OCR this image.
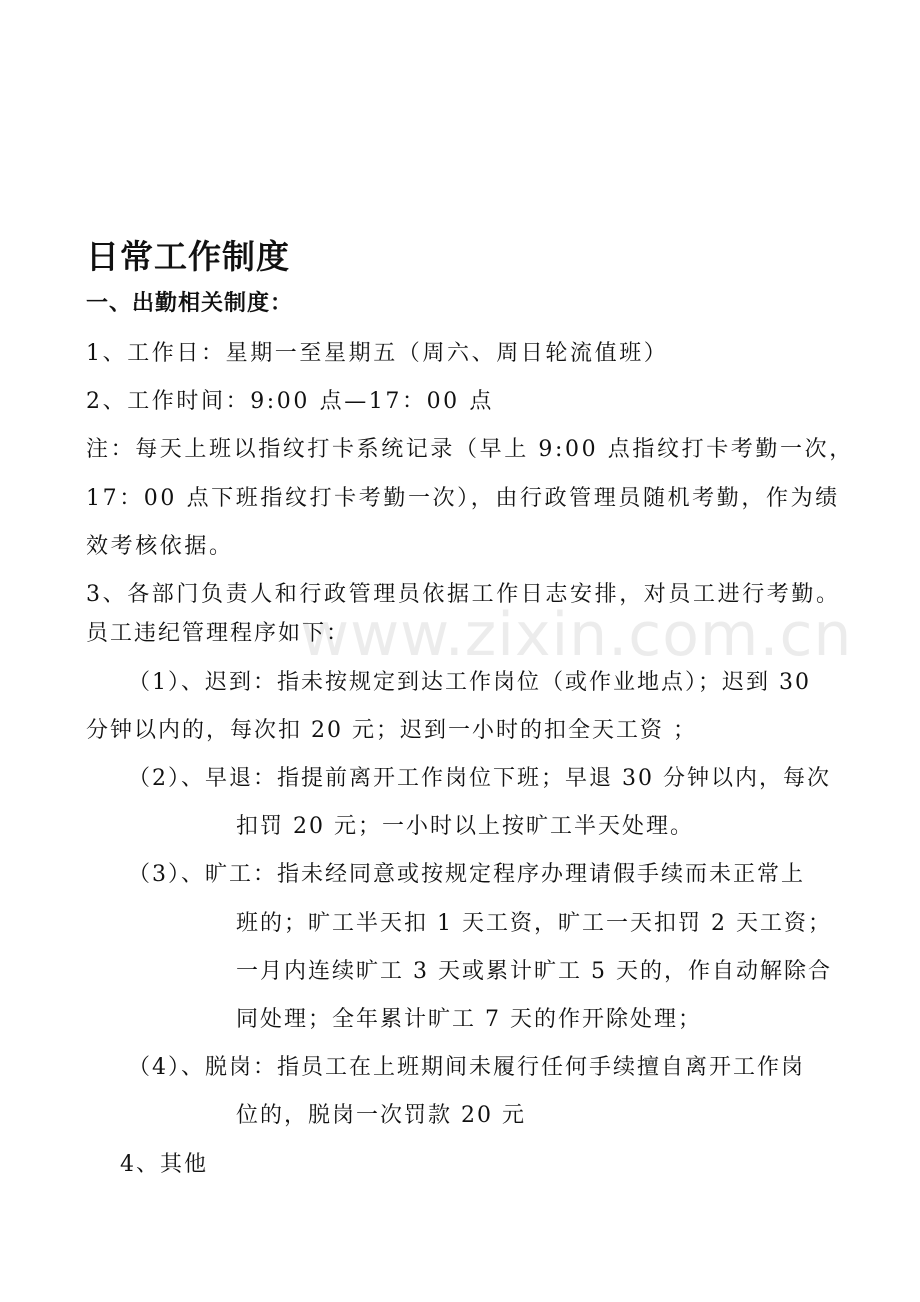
www.zixin.com.cn
日常工作制度
一、出勤相关制度：
1、工作日：星期一至星期五（周六、周日轮流值班）
2、工作时间：9:00 点—17：00 点
注：每天上班以指纹打卡系统记录（早上 9:00 点指纹打卡考勤一次，
17：00 点下班指纹打卡考勤一次），由行政管理员随机考勤，作为绩
效考核依据。
3、各部门负责人和行政管理员依据工作日志安排，对员工进行考勤。
员工违纪管理程序如下：
（1）、迟到：指未按规定到达工作岗位（或作业地点）；迟到 30
分钟以内的，每次扣 20 元；迟到一小时的扣全天工资 ；
（2）、早退：指提前离开工作岗位下班；早退 30 分钟以内，每次
扣罚 20 元；一小时以上按旷工半天处理。
（3）、旷工：指未经同意或按规定程序办理请假手续而未正常上
班的；旷工半天扣 1 天工资，旷工一天扣罚 2 天工资；
一月内连续旷工 3 天或累计旷工 5 天的，作自动解除合
同处理；全年累计旷工 7 天的作开除处理；
（4）、脱岗：指员工在上班期间未履行任何手续擅自离开工作岗
位的，脱岗一次罚款 20 元
4、其他
